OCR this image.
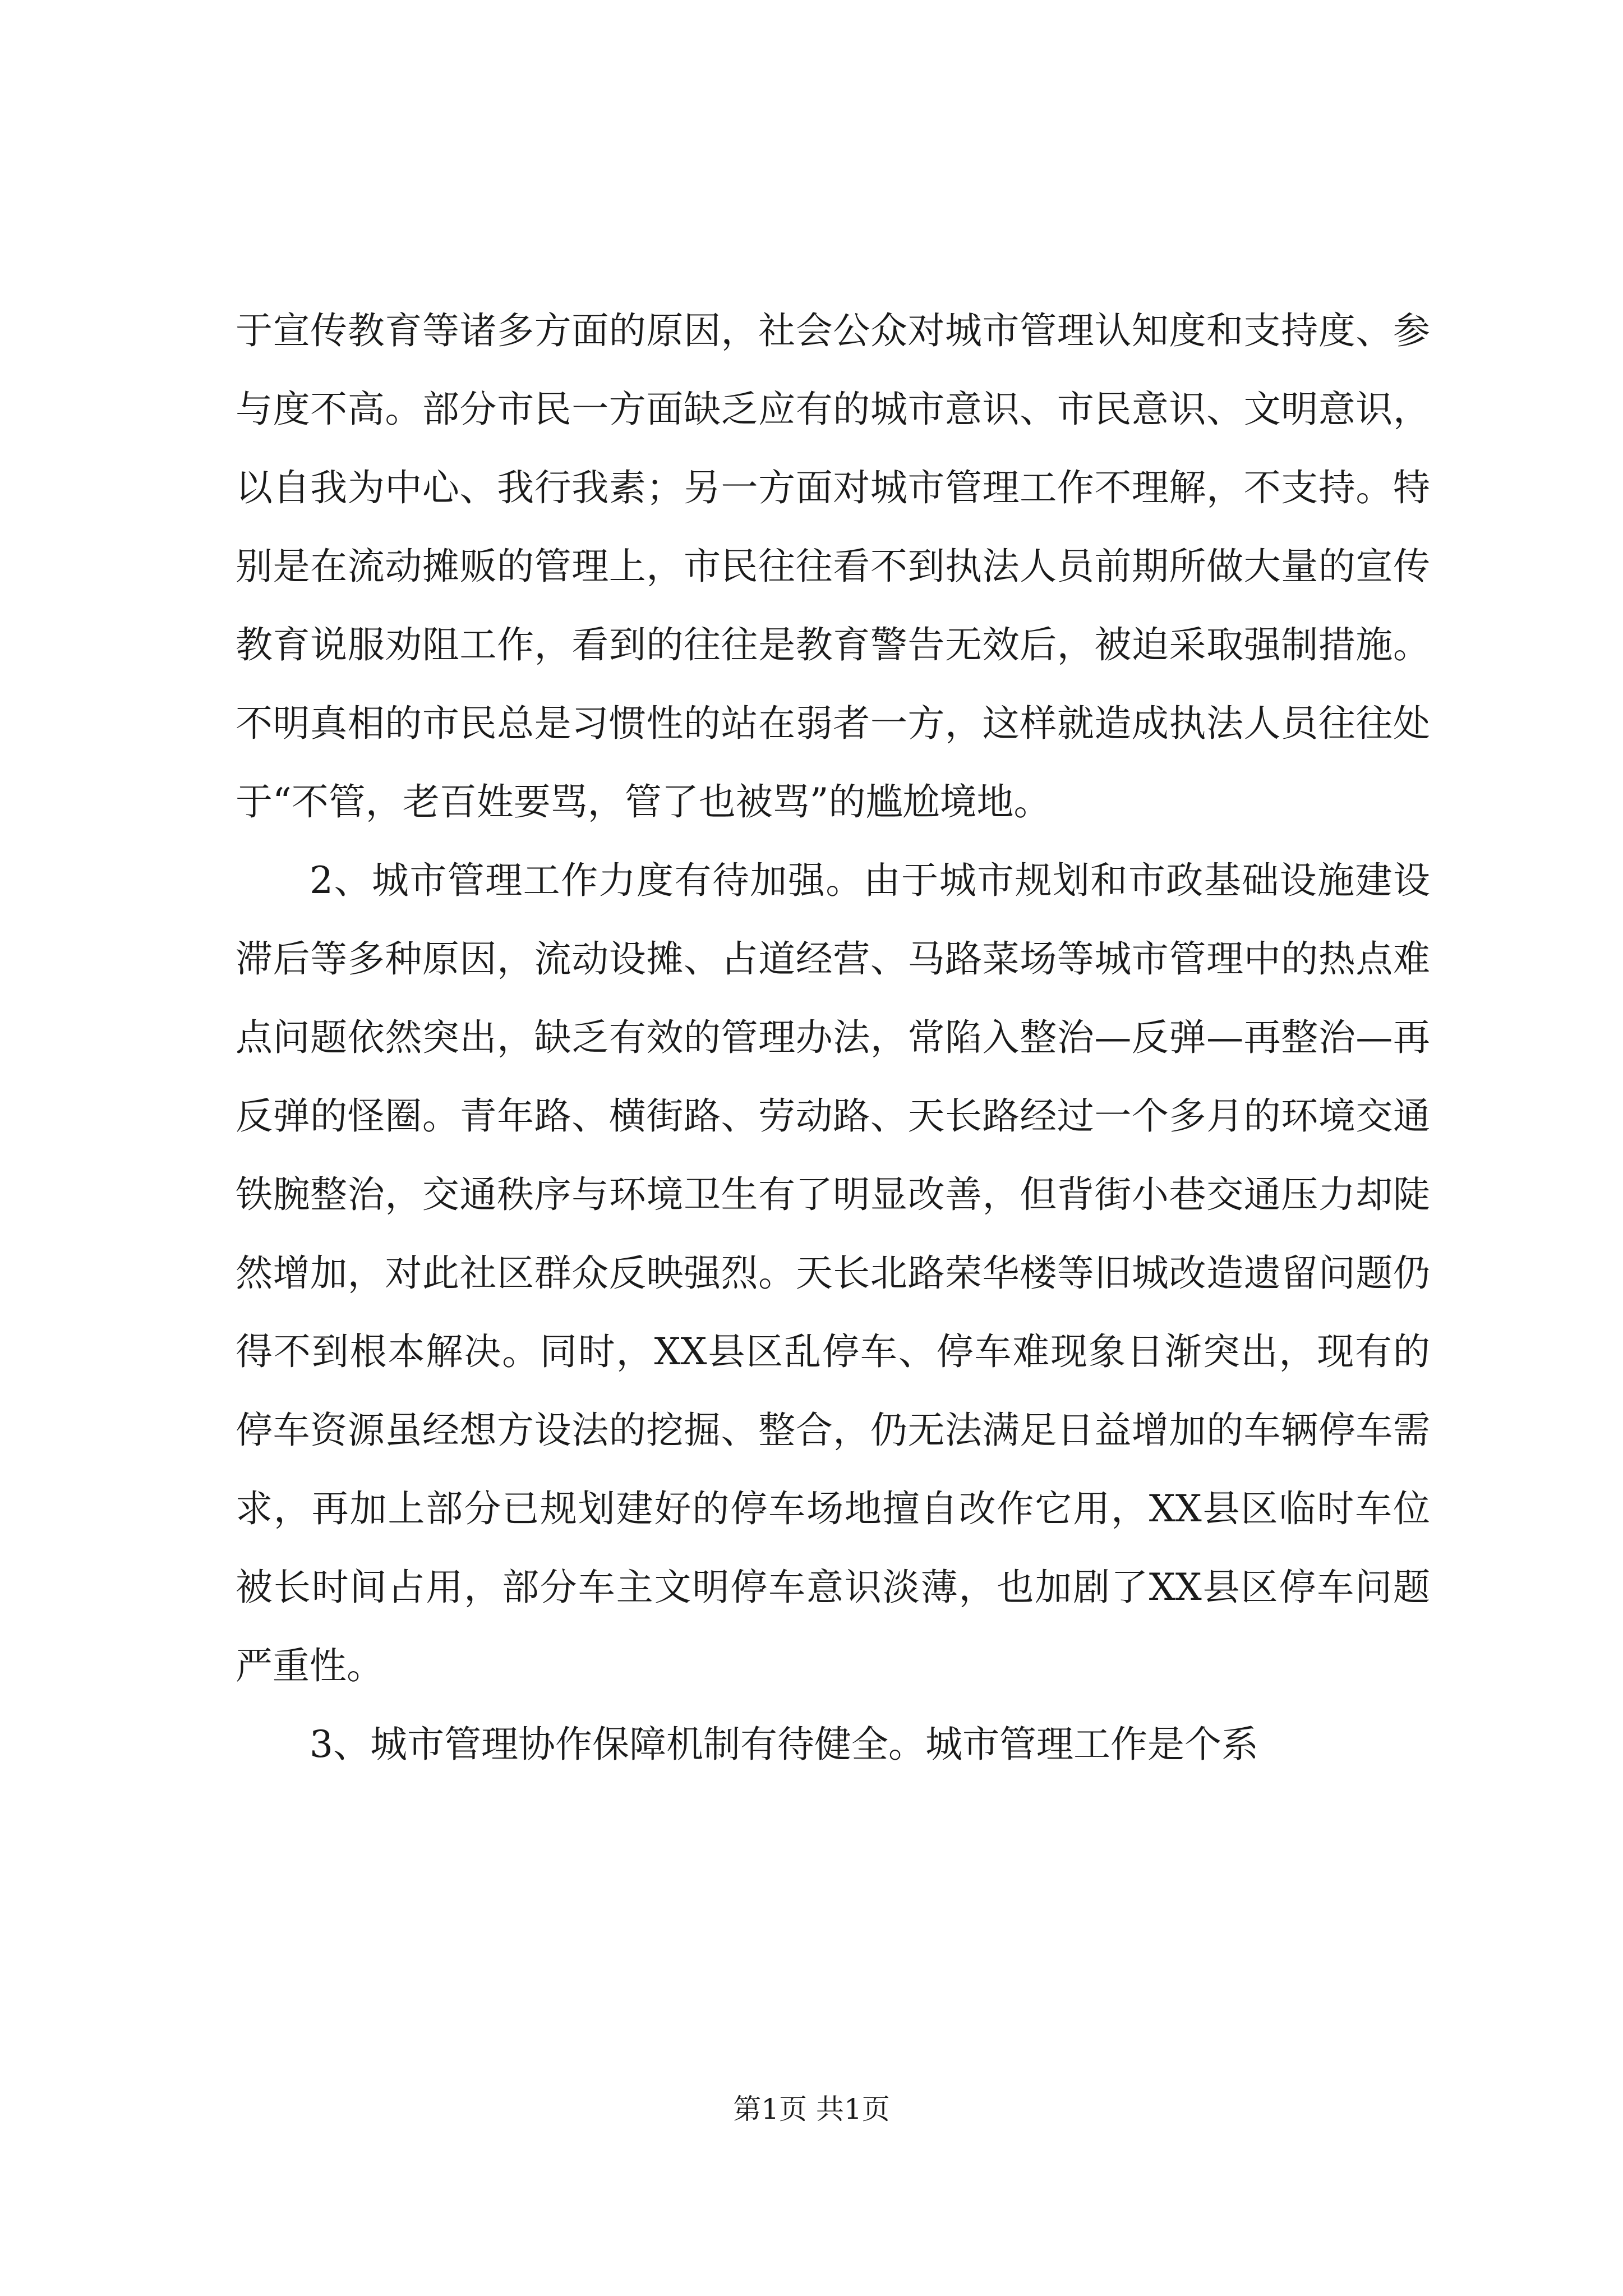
于宣传教育等诸多方面的原因，社会公众对城市管理认知度和支持度、参与度不高。部分市民一方面缺乏应有的城市意识、市民意识、文明意识，以自我为中心、我行我素；另一方面对城市管理工作不理解，不支持。特别是在流动摊贩的管理上，市民往往看不到执法人员前期所做大量的宣传教育说服劝阻工作，看到的往往是教育警告无效后，被迫采取强制措施。不明真相的市民总是习惯性的站在弱者一方，这样就造成执法人员往往处于“不管，老百姓要骂，管了也被骂”的尴尬境地。

2、城市管理工作力度有待加强。由于城市规划和市政基础设施建设滞后等多种原因，流动设摊、占道经营、马路菜场等城市管理中的热点难点问题依然突出，缺乏有效的管理办法，常陷入整治—反弹—再整治—再反弹的怪圈。青年路、横街路、劳动路、天长路经过一个多月的环境交通铁腕整治，交通秩序与环境卫生有了明显改善，但背街小巷交通压力却陡然增加，对此社区群众反映强烈。天长北路荣华楼等旧城改造遗留问题仍得不到根本解决。同时，XX县区乱停车、停车难现象日渐突出，现有的停车资源虽经想方设法的挖掘、整合，仍无法满足日益增加的车辆停车需求，再加上部分已规划建好的停车场地擅自改作它用，XX县区临时车位被长时间占用，部分车主文明停车意识淡薄，也加剧了XX县区停车问题严重性。

3、城市管理协作保障机制有待健全。城市管理工作是个系

第1页 共1页
